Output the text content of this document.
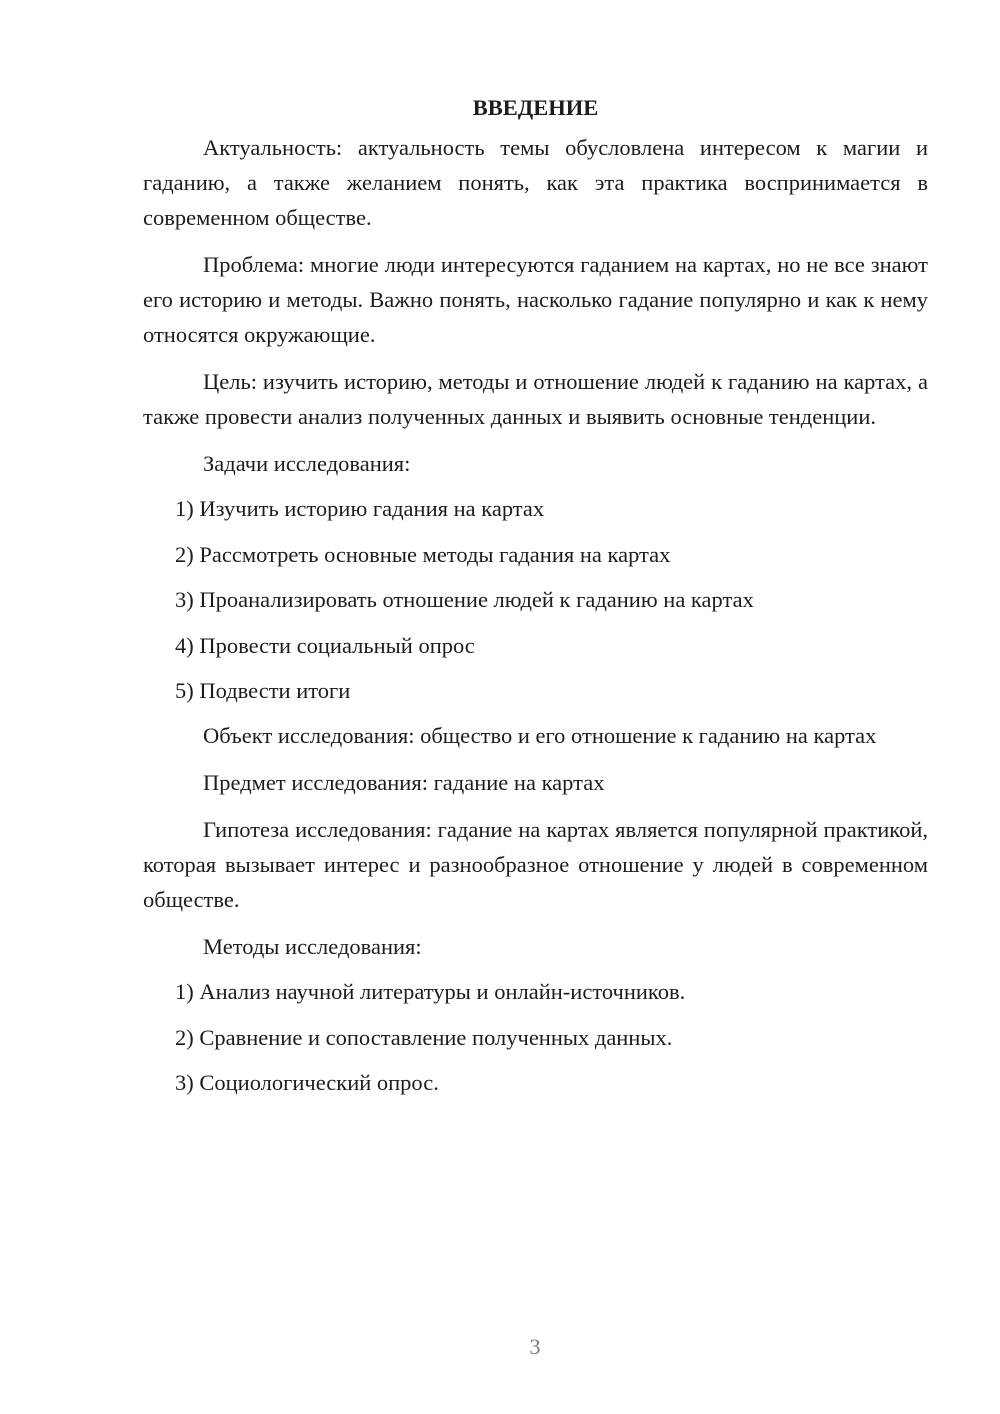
ВВЕДЕНИЕ

Актуальность: актуальность темы обусловлена интересом к магии и гаданию, а также желанием понять, как эта практика воспринимается в современном обществе.

Проблема: многие люди интересуются гаданием на картах, но не все знают его историю и методы. Важно понять, насколько гадание популярно и как к нему относятся окружающие.

Цель: изучить историю, методы и отношение людей к гаданию на картах, а также провести анализ полученных данных и выявить основные тенденции.

Задачи исследования:

1) Изучить историю гадания на картах
2) Рассмотреть основные методы гадания на картах
3) Проанализировать отношение людей к гаданию на картах
4) Провести социальный опрос
5) Подвести итоги

Объект исследования: общество и его отношение к гаданию на картах

Предмет исследования: гадание на картах

Гипотеза исследования: гадание на картах является популярной практикой, которая вызывает интерес и разнообразное отношение у людей в современном обществе.

Методы исследования:

1) Анализ научной литературы и онлайн-источников.
2) Сравнение и сопоставление полученных данных.
3) Социологический опрос.
3
